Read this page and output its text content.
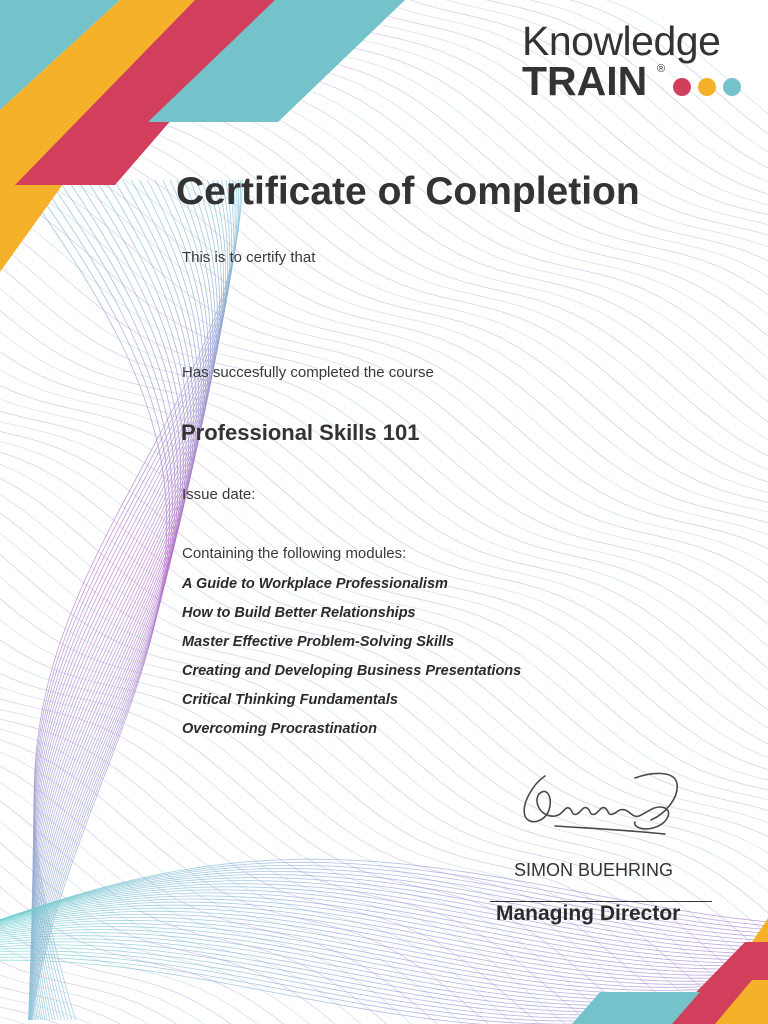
Knowledge
TRAIN ®
Certificate of Completion
This is to certify that
Has succesfully completed the course
Professional Skills 101
Issue date:
Containing the following modules:
A Guide to Workplace Professionalism
How to Build Better Relationships
Master Effective Problem-Solving Skills
Creating and Developing Business Presentations
Critical Thinking Fundamentals
Overcoming Procrastination
SIMON BUEHRING
Managing Director
